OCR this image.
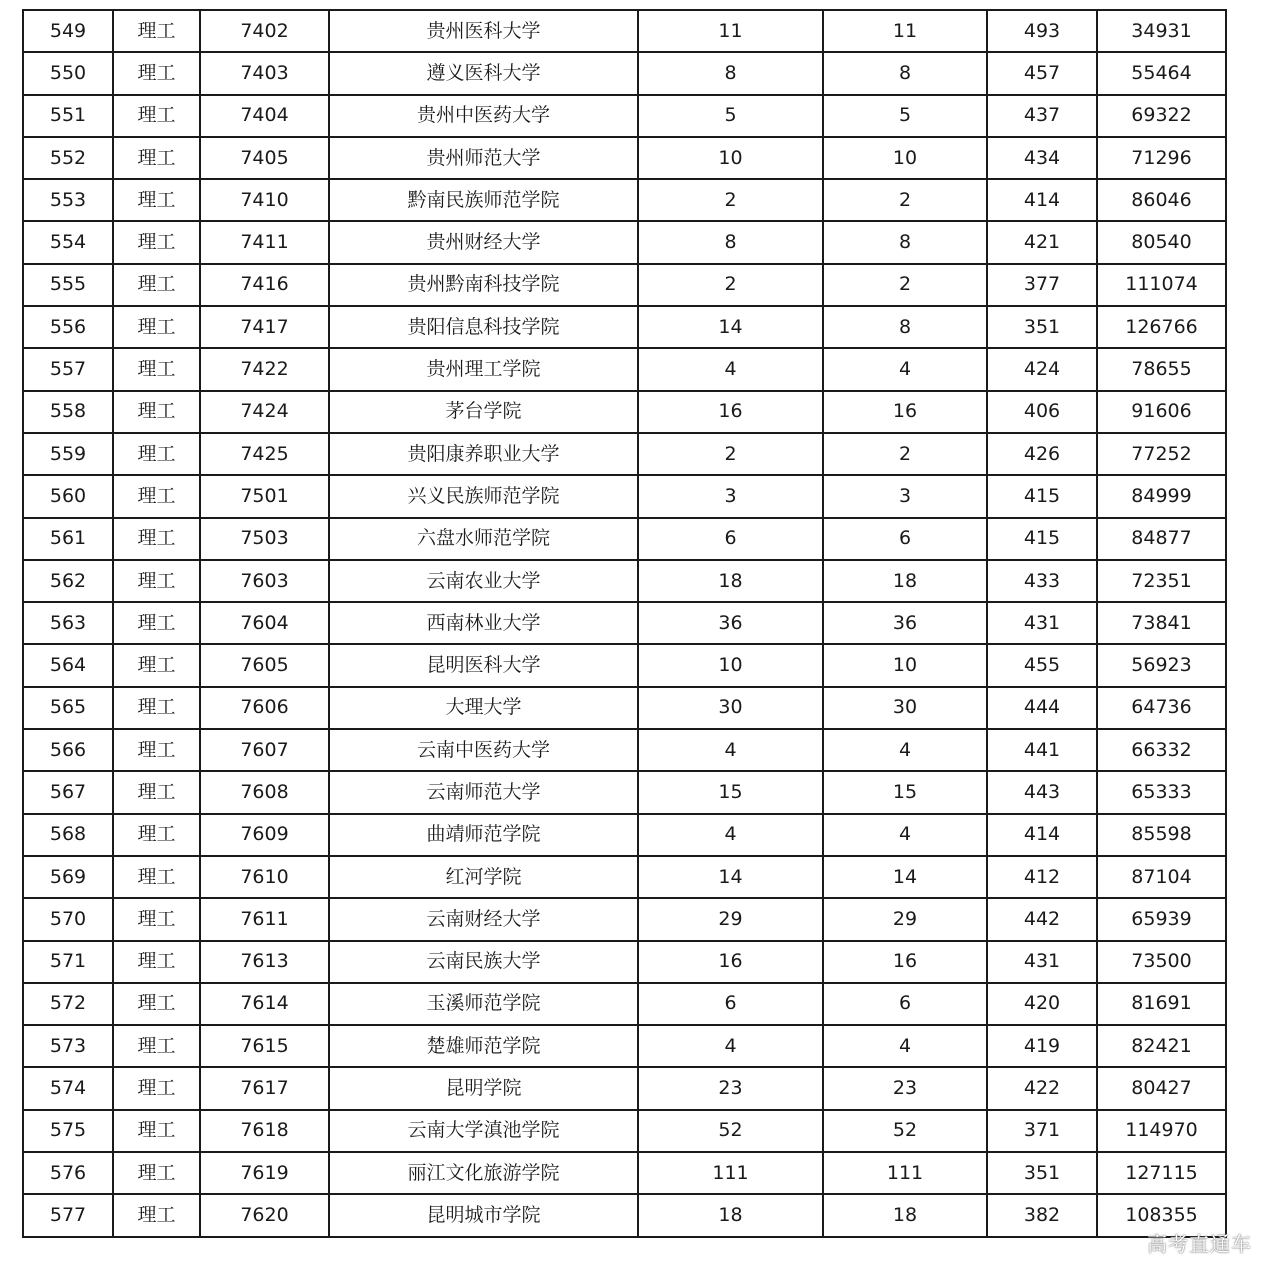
549	理工	7402	贵州医科大学	11	11	493	34931
550	理工	7403	遵义医科大学	8	8	457	55464
551	理工	7404	贵州中医药大学	5	5	437	69322
552	理工	7405	贵州师范大学	10	10	434	71296
553	理工	7410	黔南民族师范学院	2	2	414	86046
554	理工	7411	贵州财经大学	8	8	421	80540
555	理工	7416	贵州黔南科技学院	2	2	377	111074
556	理工	7417	贵阳信息科技学院	14	8	351	126766
557	理工	7422	贵州理工学院	4	4	424	78655
558	理工	7424	茅台学院	16	16	406	91606
559	理工	7425	贵阳康养职业大学	2	2	426	77252
560	理工	7501	兴义民族师范学院	3	3	415	84999
561	理工	7503	六盘水师范学院	6	6	415	84877
562	理工	7603	云南农业大学	18	18	433	72351
563	理工	7604	西南林业大学	36	36	431	73841
564	理工	7605	昆明医科大学	10	10	455	56923
565	理工	7606	大理大学	30	30	444	64736
566	理工	7607	云南中医药大学	4	4	441	66332
567	理工	7608	云南师范大学	15	15	443	65333
568	理工	7609	曲靖师范学院	4	4	414	85598
569	理工	7610	红河学院	14	14	412	87104
570	理工	7611	云南财经大学	29	29	442	65939
571	理工	7613	云南民族大学	16	16	431	73500
572	理工	7614	玉溪师范学院	6	6	420	81691
573	理工	7615	楚雄师范学院	4	4	419	82421
574	理工	7617	昆明学院	23	23	422	80427
575	理工	7618	云南大学滇池学院	52	52	371	114970
576	理工	7619	丽江文化旅游学院	111	111	351	127115
577	理工	7620	昆明城市学院	18	18	382	108355
高考直通车
